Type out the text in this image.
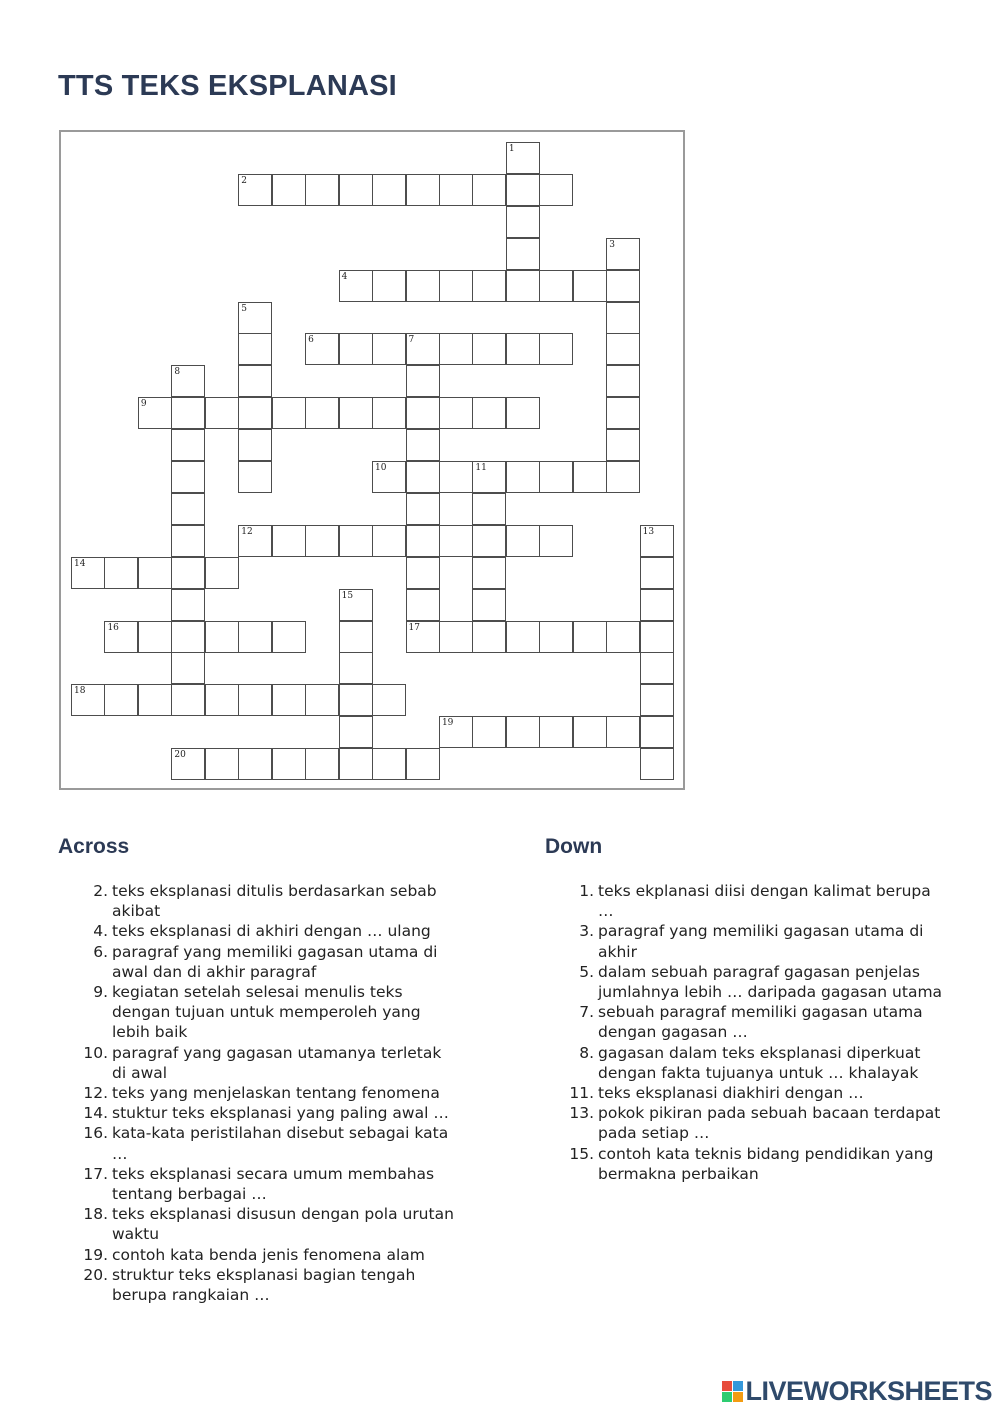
TTS TEKS EKSPLANASI
1
2
3
4
5
6	7
8
9
10	11
12	13
14
15
16	17
18
19
20
Across	Down
2. teks eksplanasi ditulis berdasarkan sebab akibat
4. teks eksplanasi di akhiri dengan … ulang
6. paragraf yang memiliki gagasan utama di awal dan di akhir paragraf
9. kegiatan setelah selesai menulis teks dengan tujuan untuk memperoleh yang lebih baik
10. paragraf yang gagasan utamanya terletak di awal
12. teks yang menjelaskan tentang fenomena
14. stuktur teks eksplanasi yang paling awal …
16. kata-kata peristilahan disebut sebagai kata …
17. teks eksplanasi secara umum membahas tentang berbagai …
18. teks eksplanasi disusun dengan pola urutan waktu
19. contoh kata benda jenis fenomena alam
20. struktur teks eksplanasi bagian tengah berupa rangkaian …
1. teks ekplanasi diisi dengan kalimat berupa …
3. paragraf yang memiliki gagasan utama di akhir
5. dalam sebuah paragraf gagasan penjelas jumlahnya lebih … daripada gagasan utama
7. sebuah paragraf memiliki gagasan utama dengan gagasan …
8. gagasan dalam teks eksplanasi diperkuat dengan fakta tujuanya untuk … khalayak
11. teks eksplanasi diakhiri dengan …
13. pokok pikiran pada sebuah bacaan terdapat pada setiap …
15. contoh kata teknis bidang pendidikan yang bermakna perbaikan
LIVEWORKSHEETS
